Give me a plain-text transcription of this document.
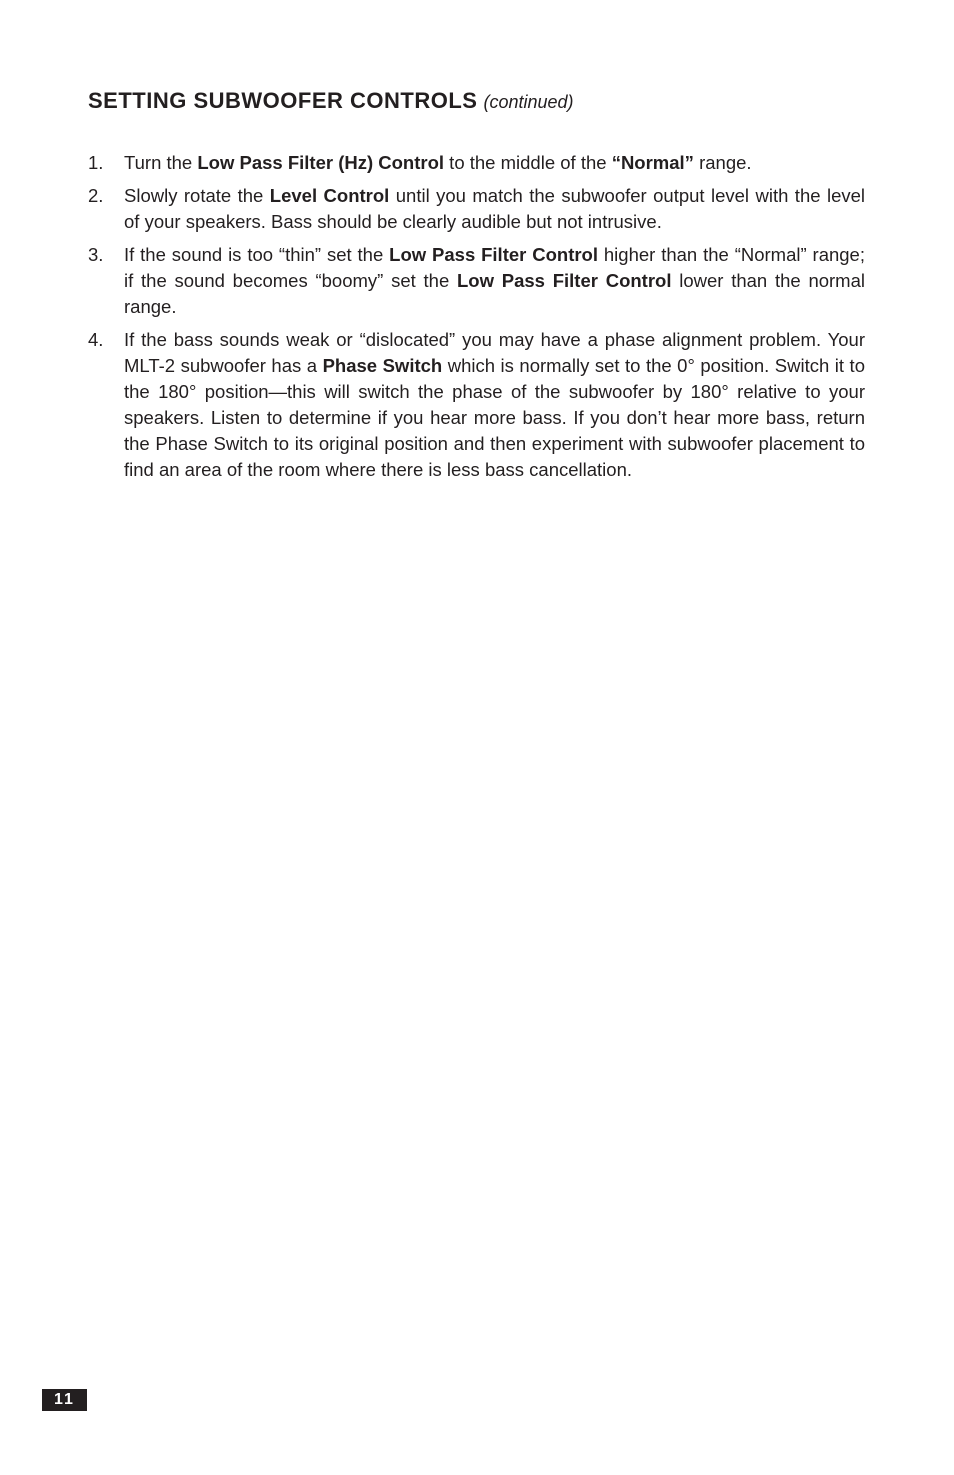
SETTING SUBWOOFER CONTROLS (continued)
1. Turn the Low Pass Filter (Hz) Control to the middle of the “Normal” range.
2. Slowly rotate the Level Control until you match the subwoofer output level with the level of your speakers. Bass should be clearly audible but not intrusive.
3. If the sound is too “thin” set the Low Pass Filter Control higher than the “Normal” range; if the sound becomes “boomy” set the Low Pass Filter Control lower than the normal range.
4. If the bass sounds weak or “dislocated” you may have a phase alignment problem. Your MLT-2 subwoofer has a Phase Switch which is normally set to the 0° position. Switch it to the 180° position—this will switch the phase of the subwoofer by 180° relative to your speakers. Listen to determine if you hear more bass. If you don’t hear more bass, return the Phase Switch to its original position and then experiment with subwoofer placement to find an area of the room where there is less bass cancellation.
11
